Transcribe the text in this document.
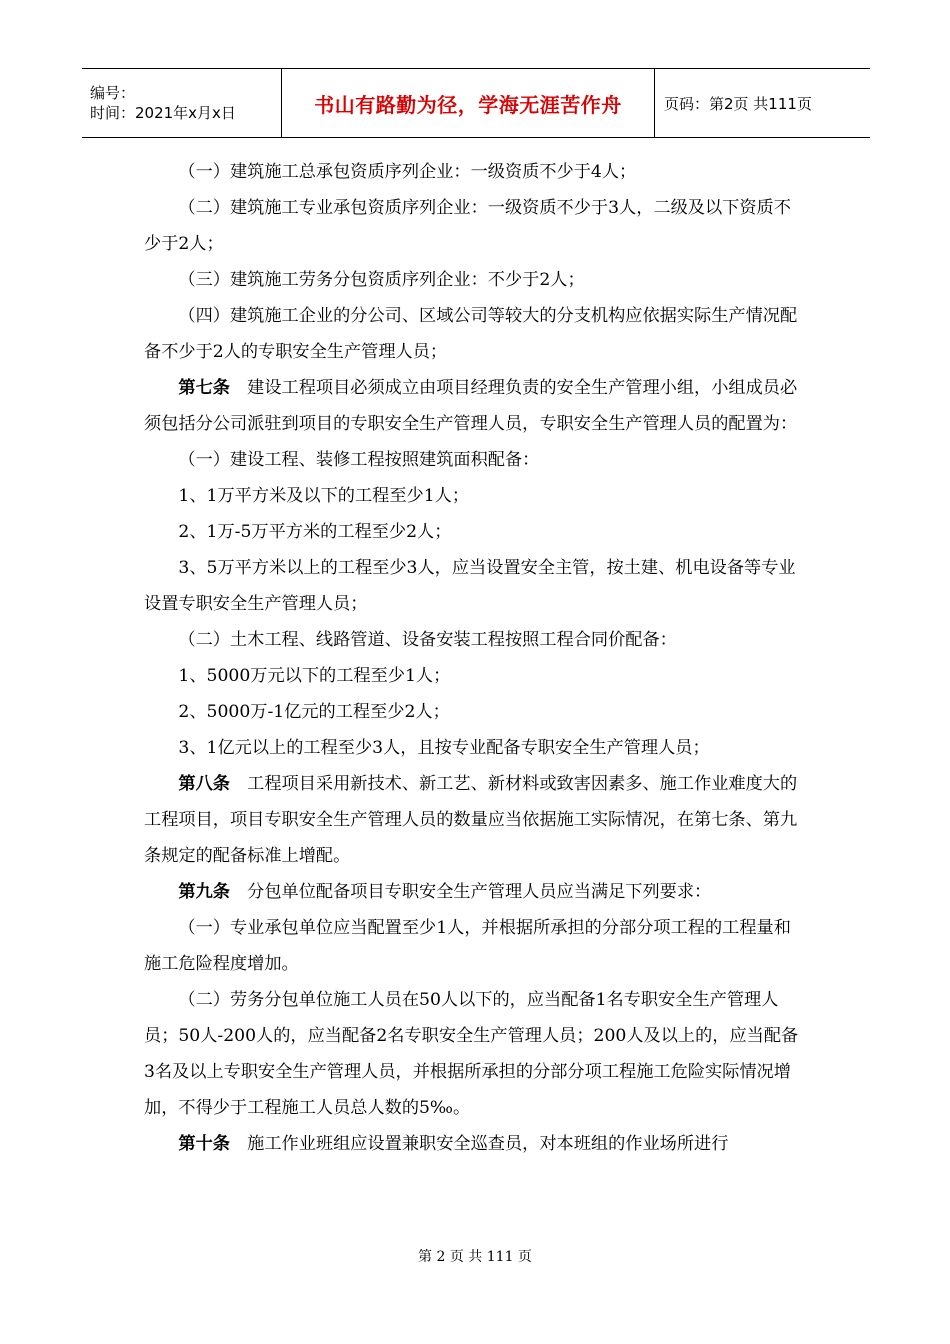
编号：
时间：2021年x月x日	书山有路勤为径，学海无涯苦作舟	页码：第2页 共111页

（一）建筑施工总承包资质序列企业：一级资质不少于4人；

（二）建筑施工专业承包资质序列企业：一级资质不少于3人，二级及以下资质不少于2人；

（三）建筑施工劳务分包资质序列企业：不少于2人；

（四）建筑施工企业的分公司、区域公司等较大的分支机构应依据实际生产情况配备不少于2人的专职安全生产管理人员；

第七条 建设工程项目必须成立由项目经理负责的安全生产管理小组，小组成员必须包括分公司派驻到项目的专职安全生产管理人员，专职安全生产管理人员的配置为：

（一）建设工程、装修工程按照建筑面积配备：

1、1万平方米及以下的工程至少1人；

2、1万-5万平方米的工程至少2人；

3、5万平方米以上的工程至少3人，应当设置安全主管，按土建、机电设备等专业设置专职安全生产管理人员；

（二）土木工程、线路管道、设备安装工程按照工程合同价配备：

1、5000万元以下的工程至少1人；

2、5000万-1亿元的工程至少2人；

3、1亿元以上的工程至少3人，且按专业配备专职安全生产管理人员；

第八条 工程项目采用新技术、新工艺、新材料或致害因素多、施工作业难度大的工程项目，项目专职安全生产管理人员的数量应当依据施工实际情况，在第七条、第九条规定的配备标准上增配。

第九条 分包单位配备项目专职安全生产管理人员应当满足下列要求：

（一）专业承包单位应当配置至少1人，并根据所承担的分部分项工程的工程量和施工危险程度增加。

（二）劳务分包单位施工人员在50人以下的，应当配备1名专职安全生产管理人员；50人-200人的，应当配备2名专职安全生产管理人员；200人及以上的，应当配备3名及以上专职安全生产管理人员，并根据所承担的分部分项工程施工危险实际情况增加，不得少于工程施工人员总人数的5‰。

第十条 施工作业班组应设置兼职安全巡查员，对本班组的作业场所进行

第 2 页 共 111 页
